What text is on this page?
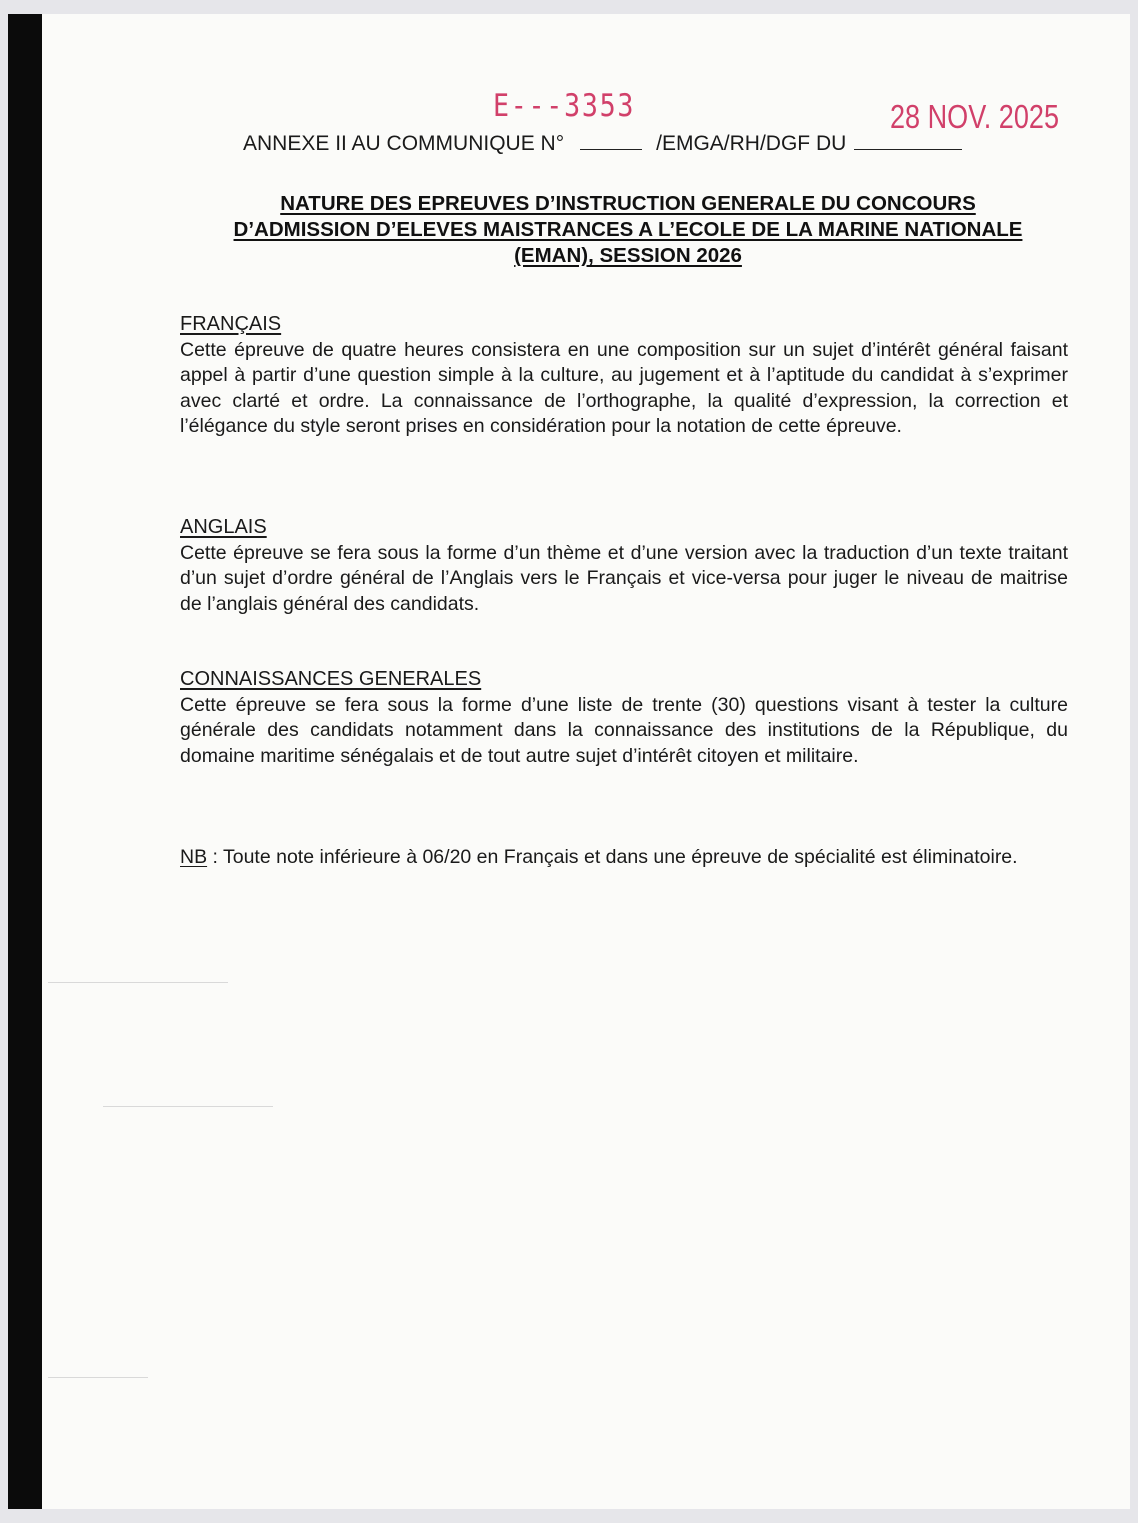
E---3353	28 NOV. 2025
ANNEXE II AU COMMUNIQUE N°	/EMGA/RH/DGF DU
NATURE DES EPREUVES D’INSTRUCTION GENERALE DU CONCOURS
D’ADMISSION D’ELEVES MAISTRANCES A L’ECOLE DE LA MARINE NATIONALE
(EMAN), SESSION 2026
FRANÇAIS
Cette épreuve de quatre heures consistera en une composition sur un sujet d’intérêt général faisant appel à partir d’une question simple à la culture, au jugement et à l’aptitude du candidat à s’exprimer avec clarté et ordre. La connaissance de l’orthographe, la qualité d’expression, la correction et l’élégance du style seront prises en considération pour la notation de cette épreuve.
ANGLAIS
Cette épreuve se fera sous la forme d’un thème et d’une version avec la traduction d’un texte traitant d’un sujet d’ordre général de l’Anglais vers le Français et vice-versa pour juger le niveau de maitrise de l’anglais général des candidats.
CONNAISSANCES GENERALES
Cette épreuve se fera sous la forme d’une liste de trente (30) questions visant à tester la culture générale des candidats notamment dans la connaissance des institutions de la République, du domaine maritime sénégalais et de tout autre sujet d’intérêt citoyen et militaire.
NB : Toute note inférieure à 06/20 en Français et dans une épreuve de spécialité est éliminatoire.
